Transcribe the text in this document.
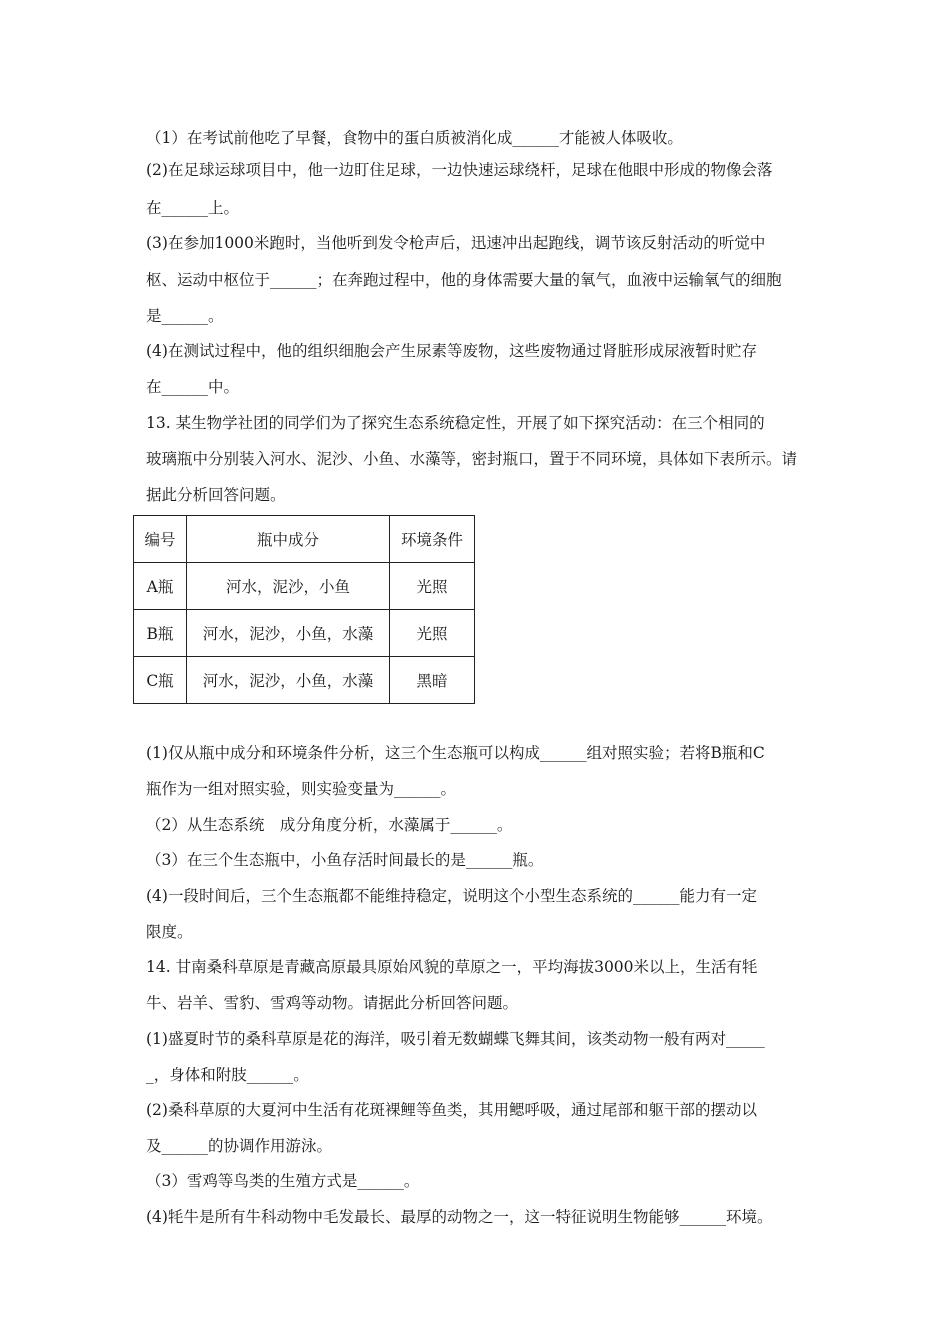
（1）在考试前他吃了早餐，食物中的蛋白质被消化成______才能被人体吸收。
(2)在足球运球项目中，他一边盯住足球，一边快速运球绕杆，足球在他眼中形成的物像会落
在______上。
(3)在参加1000米跑时，当他听到发令枪声后，迅速冲出起跑线，调节该反射活动的听觉中
枢、运动中枢位于______；在奔跑过程中，他的身体需要大量的氧气，血液中运输氧气的细胞
是______。
(4)在测试过程中，他的组织细胞会产生尿素等废物，这些废物通过肾脏形成尿液暂时贮存
在______中。
13. 某生物学社团的同学们为了探究生态系统稳定性，开展了如下探究活动：在三个相同的
玻璃瓶中分别装入河水、泥沙、小鱼、水藻等，密封瓶口，置于不同环境，具体如下表所示。请
据此分析回答问题。
编号	瓶中成分	环境条件
A瓶	河水，泥沙，小鱼	光照
B瓶	河水，泥沙，小鱼，水藻	光照
C瓶	河水，泥沙，小鱼，水藻	黑暗
(1)仅从瓶中成分和环境条件分析，这三个生态瓶可以构成______组对照实验；若将B瓶和C
瓶作为一组对照实验，则实验变量为______。
（2）从生态系统　成分角度分析，水藻属于______。
（3）在三个生态瓶中，小鱼存活时间最长的是______瓶。
(4)一段时间后，三个生态瓶都不能维持稳定，说明这个小型生态系统的______能力有一定
限度。
14. 甘南桑科草原是青藏高原最具原始风貌的草原之一，平均海拔3000米以上，生活有牦
牛、岩羊、雪豹、雪鸡等动物。请据此分析回答问题。
(1)盛夏时节的桑科草原是花的海洋，吸引着无数蝴蝶飞舞其间，该类动物一般有两对_____
_，身体和附肢______。
(2)桑科草原的大夏河中生活有花斑裸鲤等鱼类，其用鳃呼吸，通过尾部和躯干部的摆动以
及______的协调作用游泳。
（3）雪鸡等鸟类的生殖方式是______。
(4)牦牛是所有牛科动物中毛发最长、最厚的动物之一，这一特征说明生物能够______环境。
